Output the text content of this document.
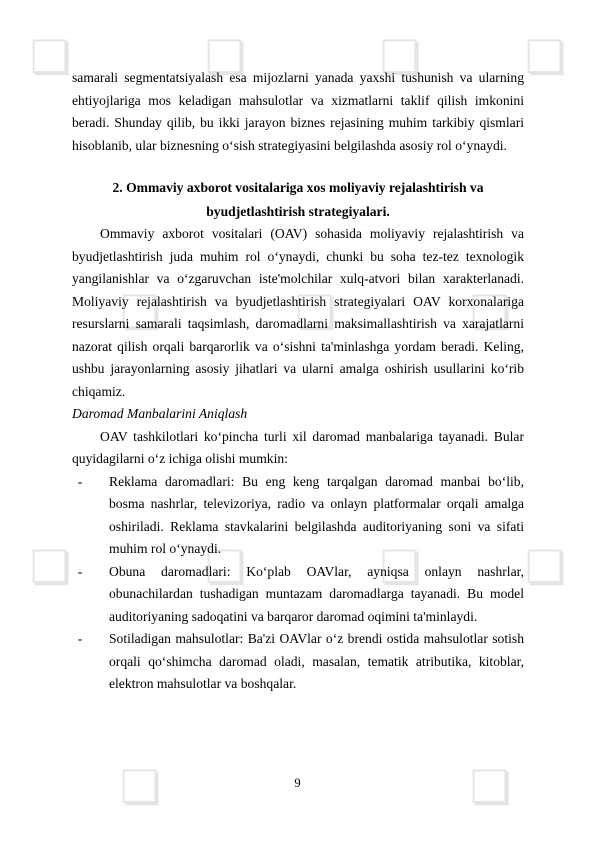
❏	❏	❏ ❏
❏	❏	❏
❏	❏	❏ ❏
❏	❏

samarali segmentatsiyalash esa mijozlarni yanada yaxshi tushunish va ularning ehtiyojlariga mos keladigan mahsulotlar va xizmatlarni taklif qilish imkonini beradi. Shunday qilib, bu ikki jarayon biznes rejasining muhim tarkibiy qismlari hisoblanib, ular biznesning o‘sish strategiyasini belgilashda asosiy rol o‘ynaydi.

2. Ommaviy axborot vositalariga xos moliyaviy rejalashtirish va byudjetlashtirish strategiyalari.

Ommaviy axborot vositalari (OAV) sohasida moliyaviy rejalashtirish va byudjetlashtirish juda muhim rol o‘ynaydi, chunki bu soha tez-tez texnologik yangilanishlar va o‘zgaruvchan iste'molchilar xulq-atvori bilan xarakterlanadi. Moliyaviy rejalashtirish va byudjetlashtirish strategiyalari OAV korxonalariga resurslarni samarali taqsimlash, daromadlarni maksimallashtirish va xarajatlarni nazorat qilish orqali barqarorlik va o‘sishni ta'minlashga yordam beradi. Keling, ushbu jarayonlarning asosiy jihatlari va ularni amalga oshirish usullarini ko‘rib chiqamiz.

Daromad Manbalarini Aniqlash

OAV tashkilotlari ko‘pincha turli xil daromad manbalariga tayanadi. Bular quyidagilarni o‘z ichiga olishi mumkin:

-	Reklama daromadlari: Bu eng keng tarqalgan daromad manbai bo‘lib, bosma nashrlar, televizoriya, radio va onlayn platformalar orqali amalga oshiriladi. Reklama stavkalarini belgilashda auditoriyaning soni va sifati muhim rol o‘ynaydi.
-	Obuna daromadlari: Ko‘plab OAVlar, ayniqsa onlayn nashrlar, obunachilardan tushadigan muntazam daromadlarga tayanadi. Bu model auditoriyaning sadoqatini va barqaror daromad oqimini ta'minlaydi.
-	Sotiladigan mahsulotlar: Ba'zi OAVlar o‘z brendi ostida mahsulotlar sotish orqali qo‘shimcha daromad oladi, masalan, tematik atributika, kitoblar, elektron mahsulotlar va boshqalar.
9
